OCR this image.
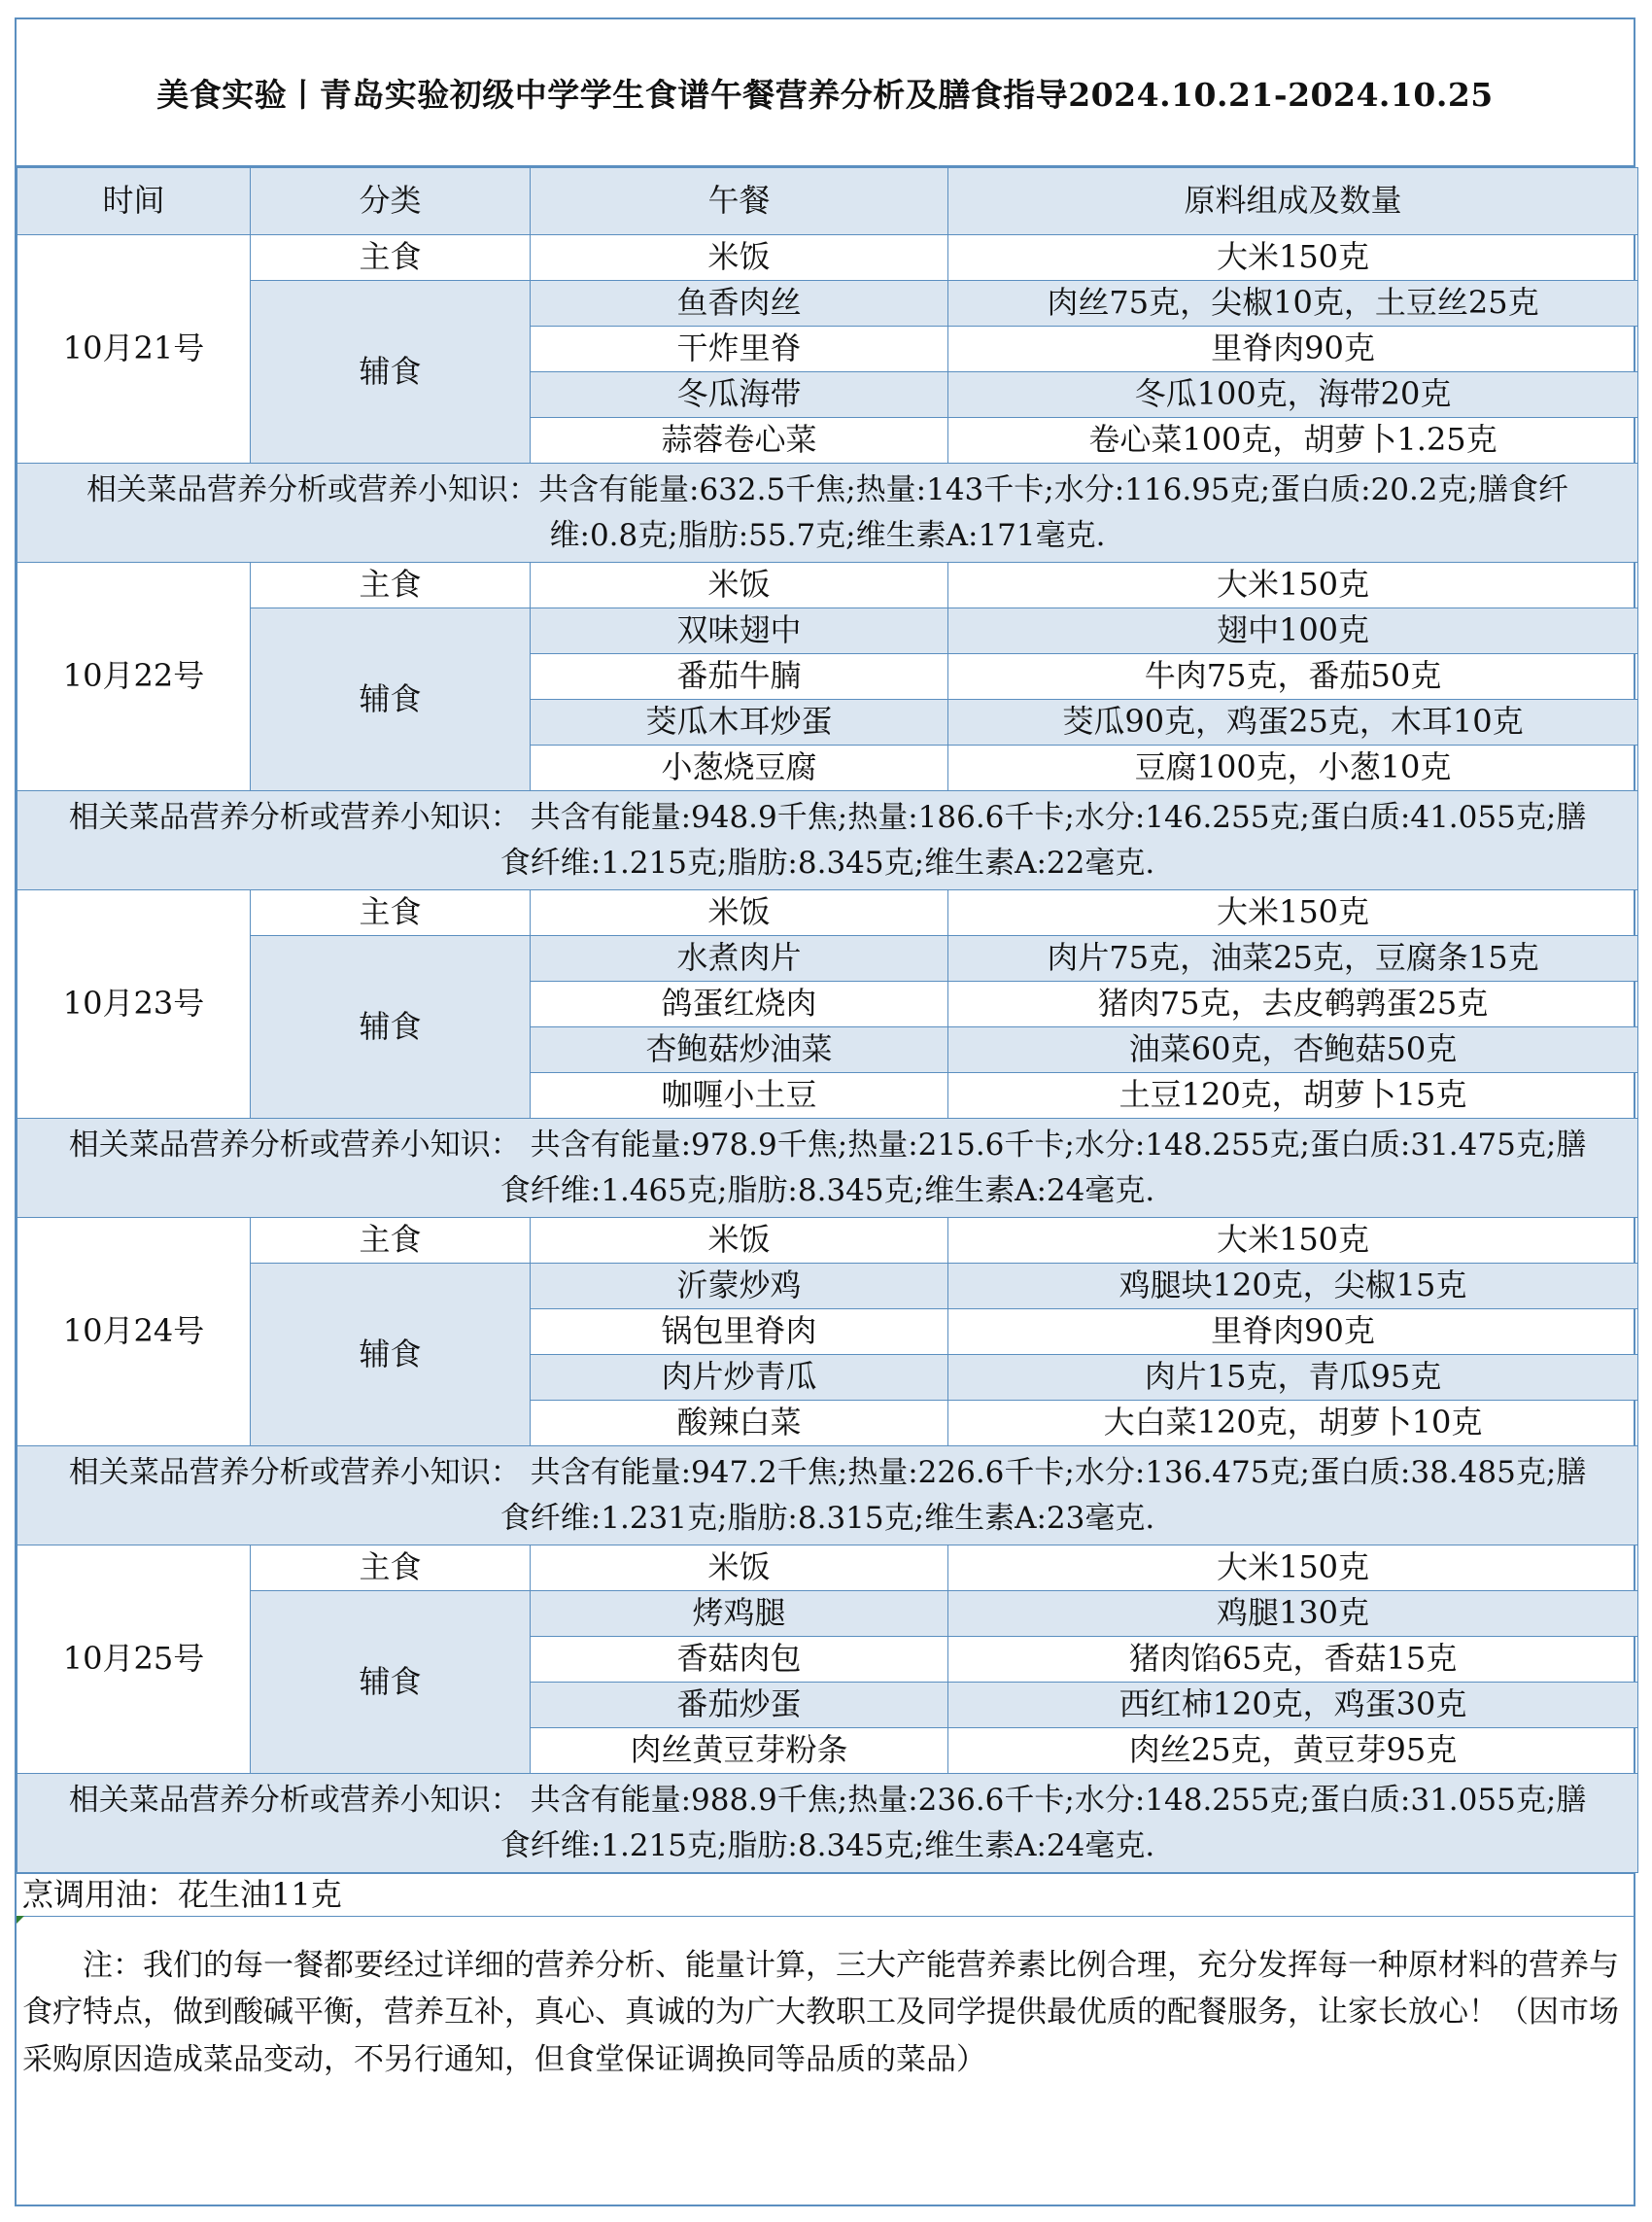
美食实验丨青岛实验初级中学学生食谱午餐营养分析及膳食指导2024.10.21-2024.10.25
时间	分类	午餐	原料组成及数量
10月21号	主食	米饭	大米150克
	辅食	鱼香肉丝	肉丝75克，尖椒10克，土豆丝25克
		干炸里脊	里脊肉90克
		冬瓜海带	冬瓜100克，海带20克
		蒜蓉卷心菜	卷心菜100克，胡萝卜1.25克
相关菜品营养分析或营养小知识：共含有能量:632.5千焦;热量:143千卡;水分:116.95克;蛋白质:20.2克;膳食纤维:0.8克;脂肪:55.7克;维生素A:171毫克.			
10月22号	主食	米饭	大米150克
	辅食	双味翅中	翅中100克
		番茄牛腩	牛肉75克，番茄50克
		茭瓜木耳炒蛋	茭瓜90克，鸡蛋25克，木耳10克
		小葱烧豆腐	豆腐100克，小葱10克
相关菜品营养分析或营养小知识： 共含有能量:948.9千焦;热量:186.6千卡;水分:146.255克;蛋白质:41.055克;膳食纤维:1.215克;脂肪:8.345克;维生素A:22毫克.			
10月23号	主食	米饭	大米150克
	辅食	水煮肉片	肉片75克，油菜25克，豆腐条15克
		鸽蛋红烧肉	猪肉75克，去皮鹌鹑蛋25克
		杏鲍菇炒油菜	油菜60克，杏鲍菇50克
		咖喱小土豆	土豆120克，胡萝卜15克
相关菜品营养分析或营养小知识： 共含有能量:978.9千焦;热量:215.6千卡;水分:148.255克;蛋白质:31.475克;膳食纤维:1.465克;脂肪:8.345克;维生素A:24毫克.			
10月24号	主食	米饭	大米150克
	辅食	沂蒙炒鸡	鸡腿块120克，尖椒15克
		锅包里脊肉	里脊肉90克
		肉片炒青瓜	肉片15克，青瓜95克
		酸辣白菜	大白菜120克，胡萝卜10克
相关菜品营养分析或营养小知识： 共含有能量:947.2千焦;热量:226.6千卡;水分:136.475克;蛋白质:38.485克;膳食纤维:1.231克;脂肪:8.315克;维生素A:23毫克.			
10月25号	主食	米饭	大米150克
	辅食	烤鸡腿	鸡腿130克
		香菇肉包	猪肉馅65克，香菇15克
		番茄炒蛋	西红柿120克，鸡蛋30克
		肉丝黄豆芽粉条	肉丝25克，黄豆芽95克
相关菜品营养分析或营养小知识： 共含有能量:988.9千焦;热量:236.6千卡;水分:148.255克;蛋白质:31.055克;膳食纤维:1.215克;脂肪:8.345克;维生素A:24毫克.			
烹调用油：花生油11克

注：我们的每一餐都要经过详细的营养分析、能量计算，三大产能营养素比例合理，充分发挥每一种原材料的营养与食疗特点，做到酸碱平衡，营养互补，真心、真诚的为广大教职工及同学提供最优质的配餐服务，让家长放心！（因市场采购原因造成菜品变动，不另行通知，但食堂保证调换同等品质的菜品）
